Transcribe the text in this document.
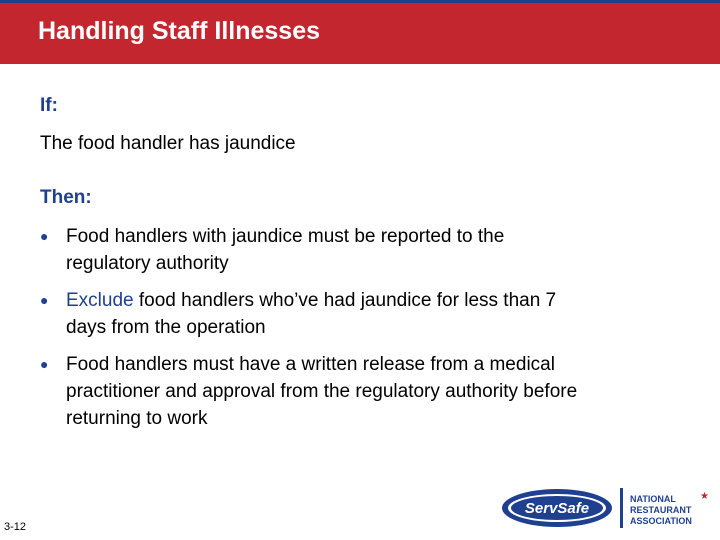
Handling Staff Illnesses
If:

The food handler has jaundice

Then:
● Food handlers with jaundice must be reported to the regulatory authority
● Exclude food handlers who’ve had jaundice for less than 7 days from the operation
● Food handlers must have a written release from a medical practitioner and approval from the regulatory authority before returning to work
3-12
ServSafe
★
NATIONAL
RESTAURANT
ASSOCIATION
